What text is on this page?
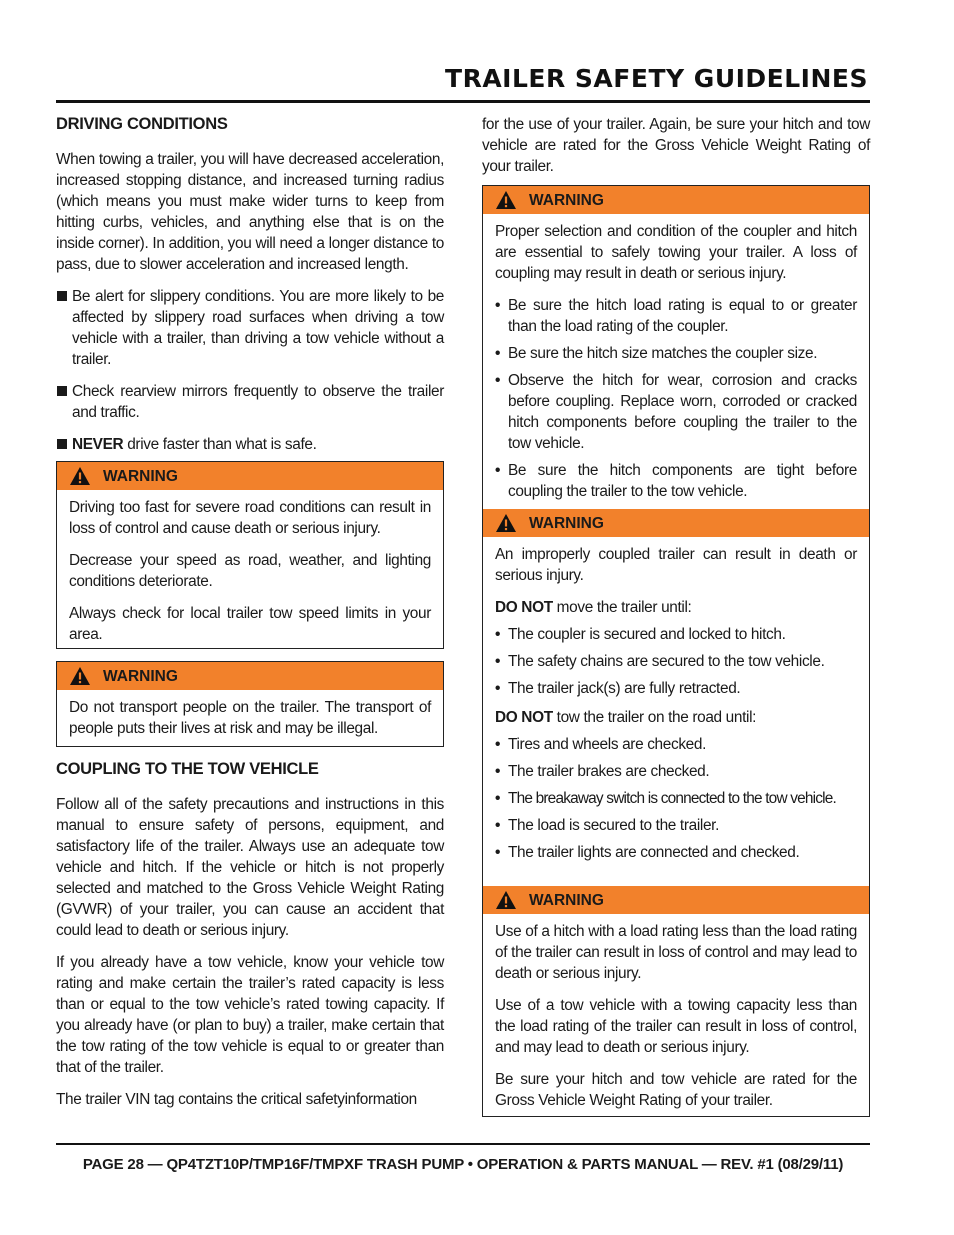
TRAILER SAFETY GUIDELINES
DRIVING CONDITIONS

When towing a trailer, you will have decreased acceleration, increased stopping distance, and increased turning radius (which means you must make wider turns to keep from hitting curbs, vehicles, and anything else that is on the inside corner). In addition, you will need a longer distance to pass, due to slower acceleration and increased length.

Be alert for slippery conditions. You are more likely to be affected by slippery road surfaces when driving a tow vehicle with a trailer, than driving a tow vehicle without a trailer.
Check rearview mirrors frequently to observe the trailer and traffic.
NEVER drive faster than what is safe.
WARNING

Driving too fast for severe road conditions can result in loss of control and cause death or serious injury.

Decrease your speed as road, weather, and lighting conditions deteriorate.

Always check for local trailer tow speed limits in your area.

WARNING

Do not transport people on the trailer. The transport of people puts their lives at risk and may be illegal.

COUPLING TO THE TOW VEHICLE

Follow all of the safety precautions and instructions in this manual to ensure safety of persons, equipment, and satisfactory life of the trailer. Always use an adequate tow vehicle and hitch. If the vehicle or hitch is not properly selected and matched to the Gross Vehicle Weight Rating (GVWR) of your trailer, you can cause an accident that could lead to death or serious injury.

If you already have a tow vehicle, know your vehicle tow rating and make certain the trailer’s rated capacity is less than or equal to the tow vehicle’s rated towing capacity. If you already have (or plan to buy) a trailer, make certain that the tow rating of the tow vehicle is equal to or greater than that of the trailer.

The trailer VIN tag contains the critical safetyinformation

for the use of your trailer. Again, be sure your hitch and tow vehicle are rated for the Gross Vehicle Weight Rating of your trailer.

WARNING

Proper selection and condition of the coupler and hitch are essential to safely towing your trailer. A loss of coupling may result in death or serious injury.

• Be sure the hitch load rating is equal to or greater than the load rating of the coupler.
• Be sure the hitch size matches the coupler size.
• Observe the hitch for wear, corrosion and cracks before coupling. Replace worn, corroded or cracked hitch components before coupling the trailer to the tow vehicle.
• Be sure the hitch components are tight before coupling the trailer to the tow vehicle.
WARNING

An improperly coupled trailer can result in death or serious injury.

DO NOT move the trailer until:

• The coupler is secured and locked to hitch.
• The safety chains are secured to the tow vehicle.
• The trailer jack(s) are fully retracted.

DO NOT tow the trailer on the road until:

• Tires and wheels are checked.
• The trailer brakes are checked.
• The breakaway switch is connected to the tow vehicle.
• The load is secured to the trailer.
• The trailer lights are connected and checked.
WARNING

Use of a hitch with a load rating less than the load rating of the trailer can result in loss of control and may lead to death or serious injury.

Use of a tow vehicle with a towing capacity less than the load rating of the trailer can result in loss of control, and may lead to death or serious injury.

Be sure your hitch and tow vehicle are rated for the Gross Vehicle Weight Rating of your trailer.

PAGE 28 — QP4TZT10P/TMP16F/TMPXF TRASH PUMP • OPERATION & PARTS MANUAL — REV. #1 (08/29/11)
